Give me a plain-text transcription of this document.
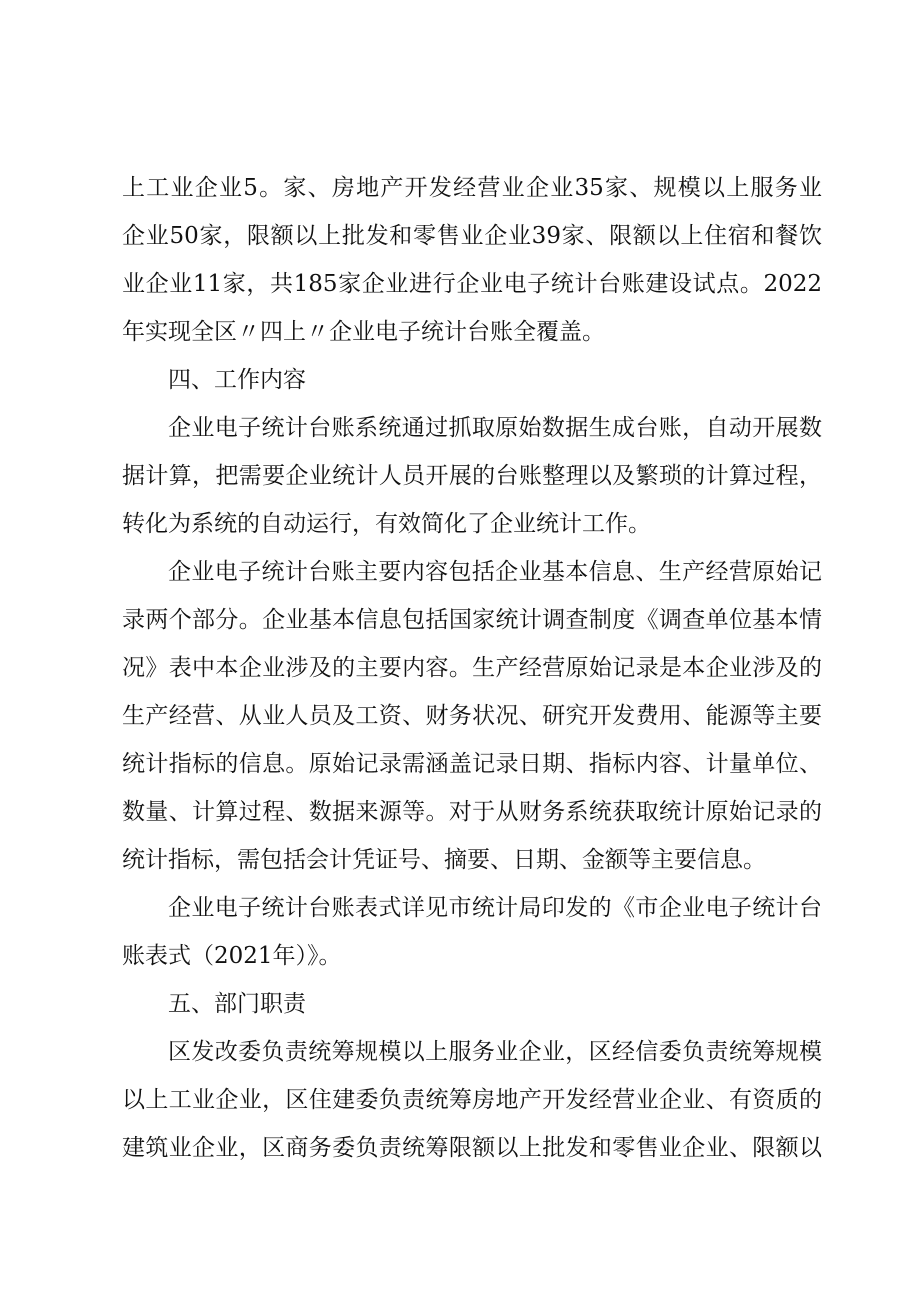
上工业企业5。家、房地产开发经营业企业35家、规模以上服务业
企业50家，限额以上批发和零售业企业39家、限额以上住宿和餐饮
业企业11家，共185家企业进行企业电子统计台账建设试点。2022
年实现全区〃四上〃企业电子统计台账全覆盖。
四、工作内容
企业电子统计台账系统通过抓取原始数据生成台账，自动开展数
据计算，把需要企业统计人员开展的台账整理以及繁琐的计算过程，
转化为系统的自动运行，有效简化了企业统计工作。
企业电子统计台账主要内容包括企业基本信息、生产经营原始记
录两个部分。企业基本信息包括国家统计调查制度《调查单位基本情
况》表中本企业涉及的主要内容。生产经营原始记录是本企业涉及的
生产经营、从业人员及工资、财务状况、研究开发费用、能源等主要
统计指标的信息。原始记录需涵盖记录日期、指标内容、计量单位、
数量、计算过程、数据来源等。对于从财务系统获取统计原始记录的
统计指标，需包括会计凭证号、摘要、日期、金额等主要信息。
企业电子统计台账表式详见市统计局印发的《市企业电子统计台
账表式（2021年）》。
五、部门职责
区发改委负责统筹规模以上服务业企业，区经信委负责统筹规模
以上工业企业，区住建委负责统筹房地产开发经营业企业、有资质的
建筑业企业，区商务委负责统筹限额以上批发和零售业企业、限额以
